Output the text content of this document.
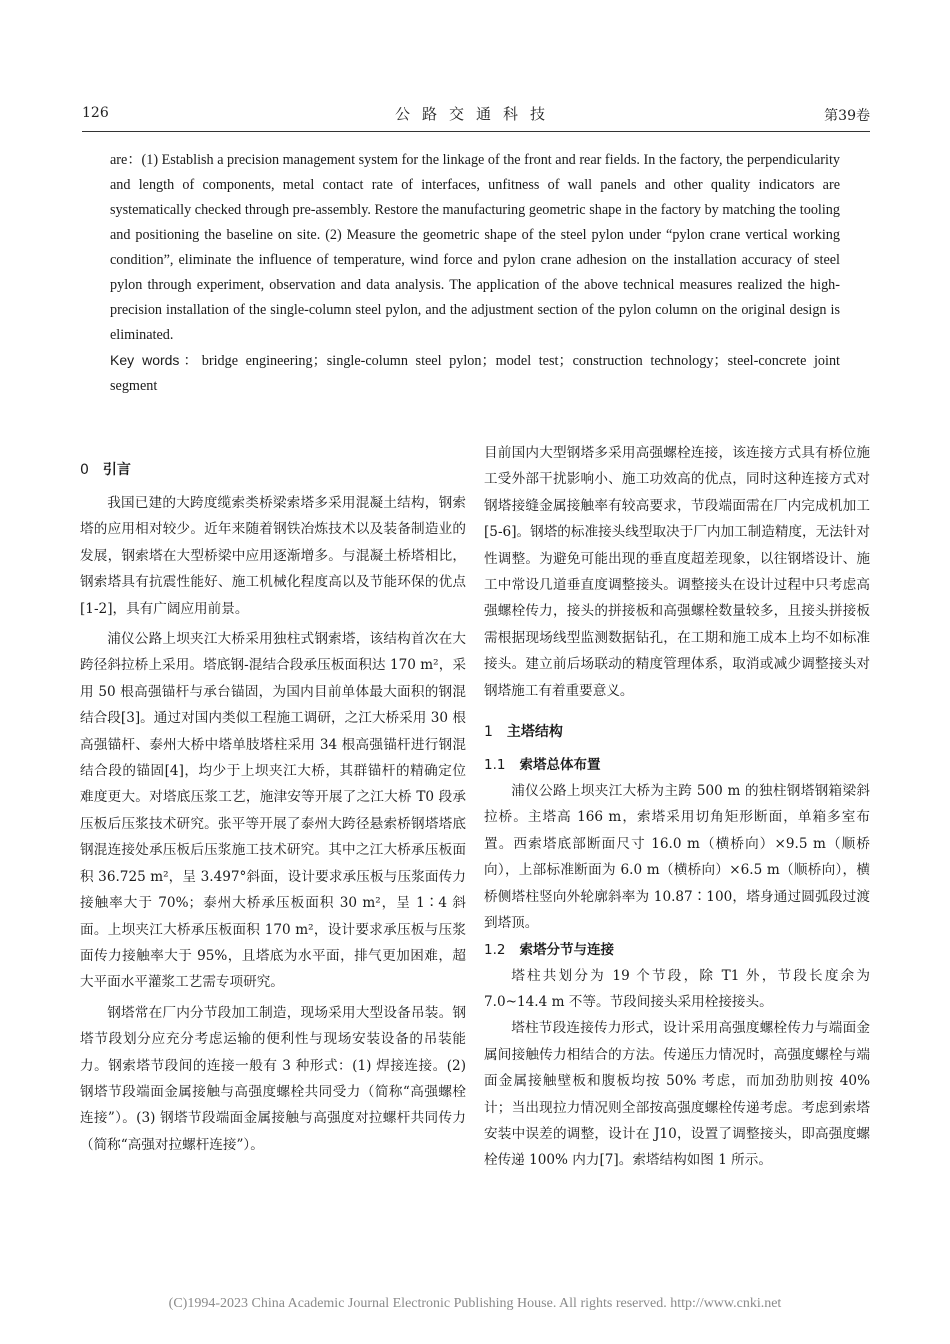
126	公路交通科技	第39卷

are：(1) Establish a precision management system for the linkage of the front and rear fields. In the factory, the perpendicularity and length of components, metal contact rate of interfaces, unfitness of wall panels and other quality indicators are systematically checked through pre-assembly. Restore the manufacturing geometric shape in the factory by matching the tooling and positioning the baseline on site. (2) Measure the geometric shape of the steel pylon under “pylon crane vertical working condition”, eliminate the influence of temperature, wind force and pylon crane adhesion on the installation accuracy of steel pylon through experiment, observation and data analysis. The application of the above technical measures realized the high-precision installation of the single-column steel pylon, and the adjustment section of the pylon column on the original design is eliminated.

Key words：bridge engineering；single-column steel pylon；model test；construction technology；steel-concrete joint segment

0 引言

我国已建的大跨度缆索类桥梁索塔多采用混凝土结构，钢索塔的应用相对较少。近年来随着钢铁冶炼技术以及装备制造业的发展，钢索塔在大型桥梁中应用逐渐增多。与混凝土桥塔相比，钢索塔具有抗震性能好、施工机械化程度高以及节能环保的优点[1-2]，具有广阔应用前景。

浦仪公路上坝夹江大桥采用独柱式钢索塔，该结构首次在大跨径斜拉桥上采用。塔底钢-混结合段承压板面积达 170 m²，采用 50 根高强锚杆与承台锚固，为国内目前单体最大面积的钢混结合段[3]。通过对国内类似工程施工调研，之江大桥采用 30 根高强锚杆、泰州大桥中塔单肢塔柱采用 34 根高强锚杆进行钢混结合段的锚固[4]，均少于上坝夹江大桥，其群锚杆的精确定位难度更大。对塔底压浆工艺，施津安等开展了之江大桥 T0 段承压板后压浆技术研究。张平等开展了泰州大跨径悬索桥钢塔塔底钢混连接处承压板后压浆施工技术研究。其中之江大桥承压板面积 36.725 m²，呈 3.497°斜面，设计要求承压板与压浆面传力接触率大于 70%；泰州大桥承压板面积 30 m²，呈 1∶4 斜面。上坝夹江大桥承压板面积 170 m²，设计要求承压板与压浆面传力接触率大于 95%，且塔底为水平面，排气更加困难，超大平面水平灌浆工艺需专项研究。

钢塔常在厂内分节段加工制造，现场采用大型设备吊装。钢塔节段划分应充分考虑运输的便利性与现场安装设备的吊装能力。钢索塔节段间的连接一般有 3 种形式：(1) 焊接连接。(2) 钢塔节段端面金属接触与高强度螺栓共同受力（简称“高强螺栓连接”）。(3) 钢塔节段端面金属接触与高强度对拉螺杆共同传力（简称“高强对拉螺杆连接”）。

目前国内大型钢塔多采用高强螺栓连接，该连接方式具有桥位施工受外部干扰影响小、施工功效高的优点，同时这种连接方式对钢塔接缝金属接触率有较高要求，节段端面需在厂内完成机加工[5-6]。钢塔的标准接头线型取决于厂内加工制造精度，无法针对性调整。为避免可能出现的垂直度超差现象，以往钢塔设计、施工中常设几道垂直度调整接头。调整接头在设计过程中只考虑高强螺栓传力，接头的拼接板和高强螺栓数量较多，且接头拼接板需根据现场线型监测数据钻孔，在工期和施工成本上均不如标准接头。建立前后场联动的精度管理体系，取消或减少调整接头对钢塔施工有着重要意义。

1 主塔结构
1.1 索塔总体布置

浦仪公路上坝夹江大桥为主跨 500 m 的独柱钢塔钢箱梁斜拉桥。主塔高 166 m，索塔采用切角矩形断面，单箱多室布置。西索塔底部断面尺寸 16.0 m（横桥向）×9.5 m（顺桥向），上部标准断面为 6.0 m（横桥向）×6.5 m（顺桥向），横桥侧塔柱竖向外轮廓斜率为 10.87∶100，塔身通过圆弧段过渡到塔顶。

1.2 索塔分节与连接

塔柱共划分为 19 个节段，除 T1 外，节段长度余为 7.0~14.4 m 不等。节段间接头采用栓接接头。

塔柱节段连接传力形式，设计采用高强度螺栓传力与端面金属间接触传力相结合的方法。传递压力情况时，高强度螺栓与端面金属接触壁板和腹板均按 50% 考虑，而加劲肋则按 40% 计；当出现拉力情况则全部按高强度螺栓传递考虑。考虑到索塔安装中误差的调整，设计在 J10，设置了调整接头，即高强度螺栓传递 100% 内力[7]。索塔结构如图 1 所示。

(C)1994-2023 China Academic Journal Electronic Publishing House. All rights reserved. http://www.cnki.net
